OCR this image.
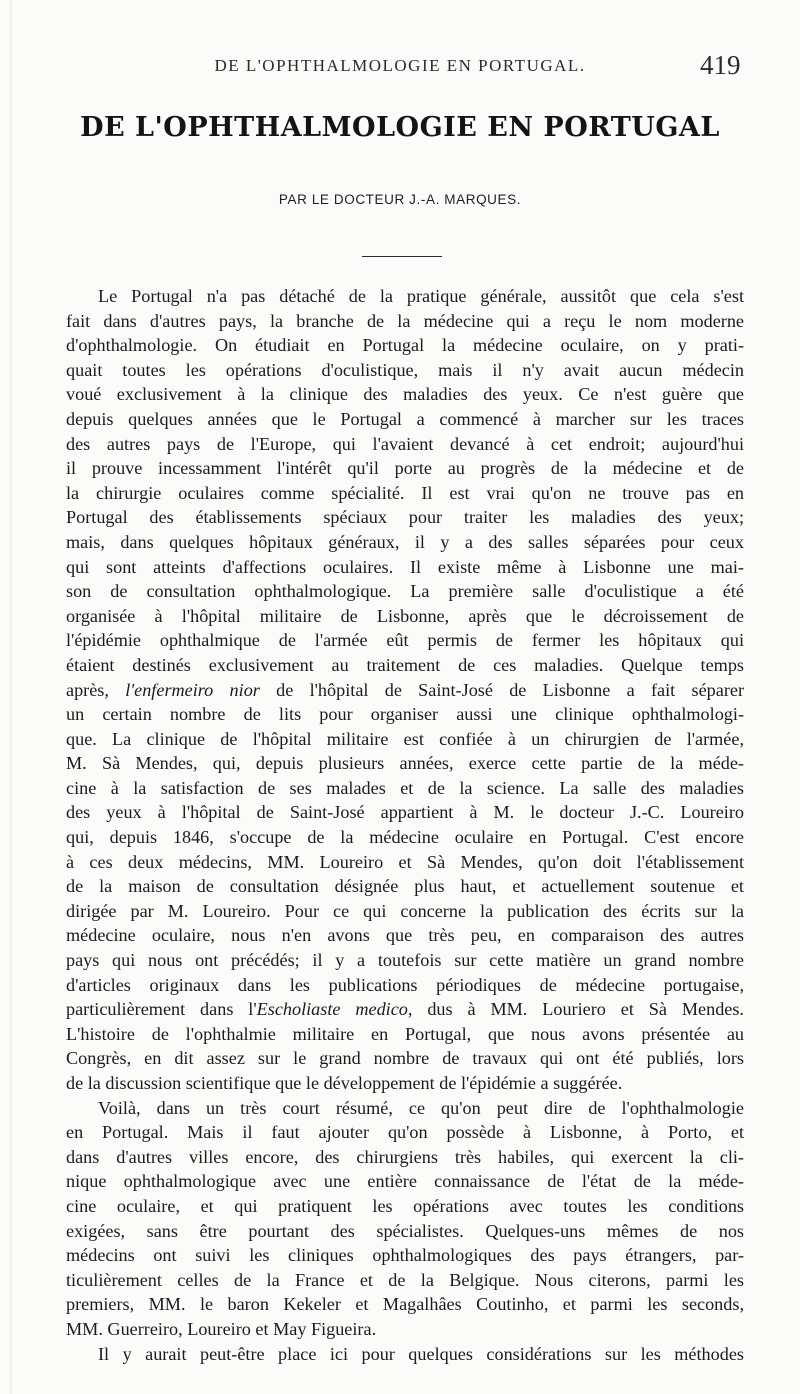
DE L'OPHTHALMOLOGIE EN PORTUGAL.	419
DE L'OPHTHALMOLOGIE EN PORTUGAL
PAR LE DOCTEUR J.-A. MARQUES.
Le Portugal n'a pas détaché de la pratique générale, aussitôt que cela s'est
fait dans d'autres pays, la branche de la médecine qui a reçu le nom moderne
d'ophthalmologie. On étudiait en Portugal la médecine oculaire, on y prati-
quait toutes les opérations d'oculistique, mais il n'y avait aucun médecin
voué exclusivement à la clinique des maladies des yeux. Ce n'est guère que
depuis quelques années que le Portugal a commencé à marcher sur les traces
des autres pays de l'Europe, qui l'avaient devancé à cet endroit; aujourd'hui
il prouve incessamment l'intérêt qu'il porte au progrès de la médecine et de
la chirurgie oculaires comme spécialité. Il est vrai qu'on ne trouve pas en
Portugal des établissements spéciaux pour traiter les maladies des yeux;
mais, dans quelques hôpitaux généraux, il y a des salles séparées pour ceux
qui sont atteints d'affections oculaires. Il existe même à Lisbonne une mai-
son de consultation ophthalmologique. La première salle d'oculistique a été
organisée à l'hôpital militaire de Lisbonne, après que le décroissement de
l'épidémie ophthalmique de l'armée eût permis de fermer les hôpitaux qui
étaient destinés exclusivement au traitement de ces maladies. Quelque temps
après, l'enfermeiro nior de l'hôpital de Saint-José de Lisbonne a fait séparer
un certain nombre de lits pour organiser aussi une clinique ophthalmologi-
que. La clinique de l'hôpital militaire est confiée à un chirurgien de l'armée,
M. Sà Mendes, qui, depuis plusieurs années, exerce cette partie de la méde-
cine à la satisfaction de ses malades et de la science. La salle des maladies
des yeux à l'hôpital de Saint-José appartient à M. le docteur J.-C. Loureiro
qui, depuis 1846, s'occupe de la médecine oculaire en Portugal. C'est encore
à ces deux médecins, MM. Loureiro et Sà Mendes, qu'on doit l'établissement
de la maison de consultation désignée plus haut, et actuellement soutenue et
dirigée par M. Loureiro. Pour ce qui concerne la publication des écrits sur la
médecine oculaire, nous n'en avons que très peu, en comparaison des autres
pays qui nous ont précédés; il y a toutefois sur cette matière un grand nombre
d'articles originaux dans les publications périodiques de médecine portugaise,
particulièrement dans l'Escholiaste medico, dus à MM. Louriero et Sà Mendes.
L'histoire de l'ophthalmie militaire en Portugal, que nous avons présentée au
Congrès, en dit assez sur le grand nombre de travaux qui ont été publiés, lors
de la discussion scientifique que le développement de l'épidémie a suggérée.
Voilà, dans un très court résumé, ce qu'on peut dire de l'ophthalmologie
en Portugal. Mais il faut ajouter qu'on possède à Lisbonne, à Porto, et
dans d'autres villes encore, des chirurgiens très habiles, qui exercent la cli-
nique ophthalmologique avec une entière connaissance de l'état de la méde-
cine oculaire, et qui pratiquent les opérations avec toutes les conditions
exigées, sans être pourtant des spécialistes. Quelques-uns mêmes de nos
médecins ont suivi les cliniques ophthalmologiques des pays étrangers, par-
ticulièrement celles de la France et de la Belgique. Nous citerons, parmi les
premiers, MM. le baron Kekeler et Magalhâes Coutinho, et parmi les seconds,
MM. Guerreiro, Loureiro et May Figueira.
Il y aurait peut-être place ici pour quelques considérations sur les méthodes
